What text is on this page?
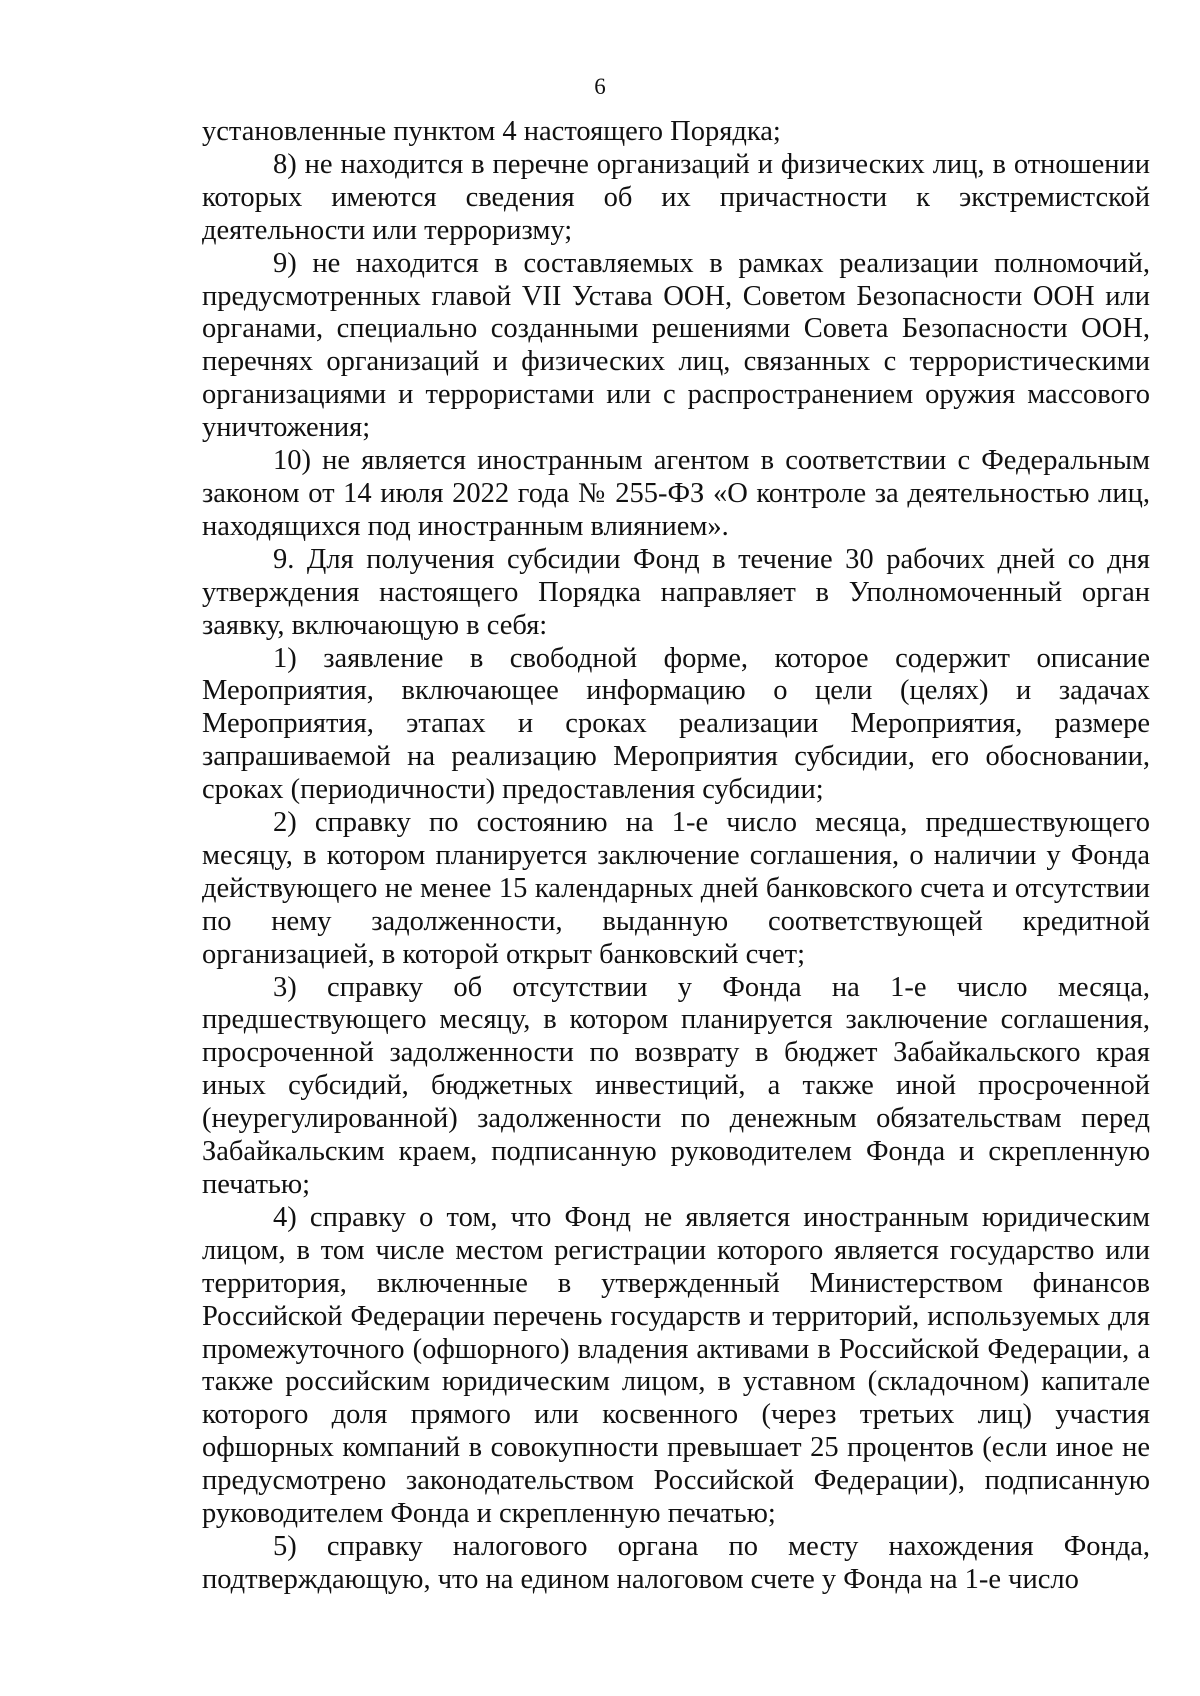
6

установленные пунктом 4 настоящего Порядка;

8) не находится в перечне организаций и физических лиц, в отношении которых имеются сведения об их причастности к экстремистской деятельности или терроризму;

9) не находится в составляемых в рамках реализации полномочий, предусмотренных главой VII Устава ООН, Советом Безопасности ООН или органами, специально созданными решениями Совета Безопасности ООН, перечнях организаций и физических лиц, связанных с террористическими организациями и террористами или с распространением оружия массового уничтожения;

10) не является иностранным агентом в соответствии с Федеральным законом от 14 июля 2022 года № 255-ФЗ «О контроле за деятельностью лиц, находящихся под иностранным влиянием».

9. Для получения субсидии Фонд в течение 30 рабочих дней со дня утверждения настоящего Порядка направляет в Уполномоченный орган заявку, включающую в себя:

1) заявление в свободной форме, которое содержит описание Мероприятия, включающее информацию о цели (целях) и задачах Мероприятия, этапах и сроках реализации Мероприятия, размере запрашиваемой на реализацию Мероприятия субсидии, его обосновании, сроках (периодичности) предоставления субсидии;

2) справку по состоянию на 1-е число месяца, предшествующего месяцу, в котором планируется заключение соглашения, о наличии у Фонда действующего не менее 15 календарных дней банковского счета и отсутствии по нему задолженности, выданную соответствующей кредитной организацией, в которой открыт банковский счет;

3) справку об отсутствии у Фонда на 1-е число месяца, предшествующего месяцу, в котором планируется заключение соглашения, просроченной задолженности по возврату в бюджет Забайкальского края иных субсидий, бюджетных инвестиций, а также иной просроченной (неурегулированной) задолженности по денежным обязательствам перед Забайкальским краем, подписанную руководителем Фонда и скрепленную печатью;

4) справку о том, что Фонд не является иностранным юридическим лицом, в том числе местом регистрации которого является государство или территория, включенные в утвержденный Министерством финансов Российской Федерации перечень государств и территорий, используемых для промежуточного (офшорного) владения активами в Российской Федерации, а также российским юридическим лицом, в уставном (складочном) капитале которого доля прямого или косвенного (через третьих лиц) участия офшорных компаний в совокупности превышает 25 процентов (если иное не предусмотрено законодательством Российской Федерации), подписанную руководителем Фонда и скрепленную печатью;

5) справку налогового органа по месту нахождения Фонда, подтверждающую, что на едином налоговом счете у Фонда на 1-е число
